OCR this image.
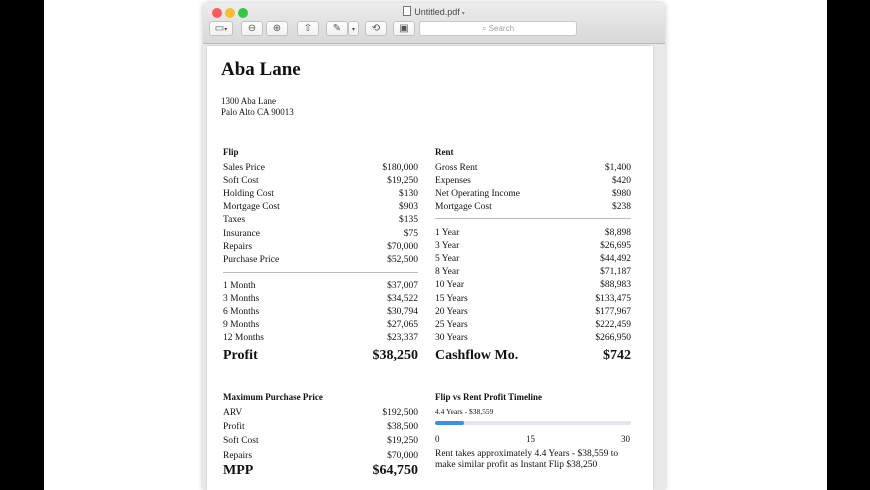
Untitled.pdf ▾
▭▾	⊖	⊕	⇧	✎	▾	⟲	▣	⌕ Search
Aba Lane
1300 Aba Lane
Palo Alto CA 90013
Flip
Sales Price	$180,000
Soft Cost	$19,250
Holding Cost	$130
Mortgage Cost	$903
Taxes	$135
Insurance	$75
Repairs	$70,000
Purchase Price	$52,500
1 Month	$37,007
3 Months	$34,522
6 Months	$30,794
9 Months	$27,065
12 Months	$23,337
Profit	$38,250
Rent
Gross Rent	$1,400
Expenses	$420
Net Operating Income	$980
Mortgage Cost	$238
1 Year	$8,898
3 Year	$26,695
5 Year	$44,492
8 Year	$71,187
10 Year	$88,983
15 Years	$133,475
20 Years	$177,967
25 Years	$222,459
30 Years	$266,950
Cashflow Mo.	$742
Maximum Purchase Price
ARV	$192,500
Profit	$38,500
Soft Cost	$19,250
Repairs	$70,000
MPP	$64,750
Flip vs Rent Profit Timeline
4.4 Years - $38,559
0	15	30
Rent takes approximately 4.4 Years - $38,559 to make similar profit as Instant Flip $38,250
